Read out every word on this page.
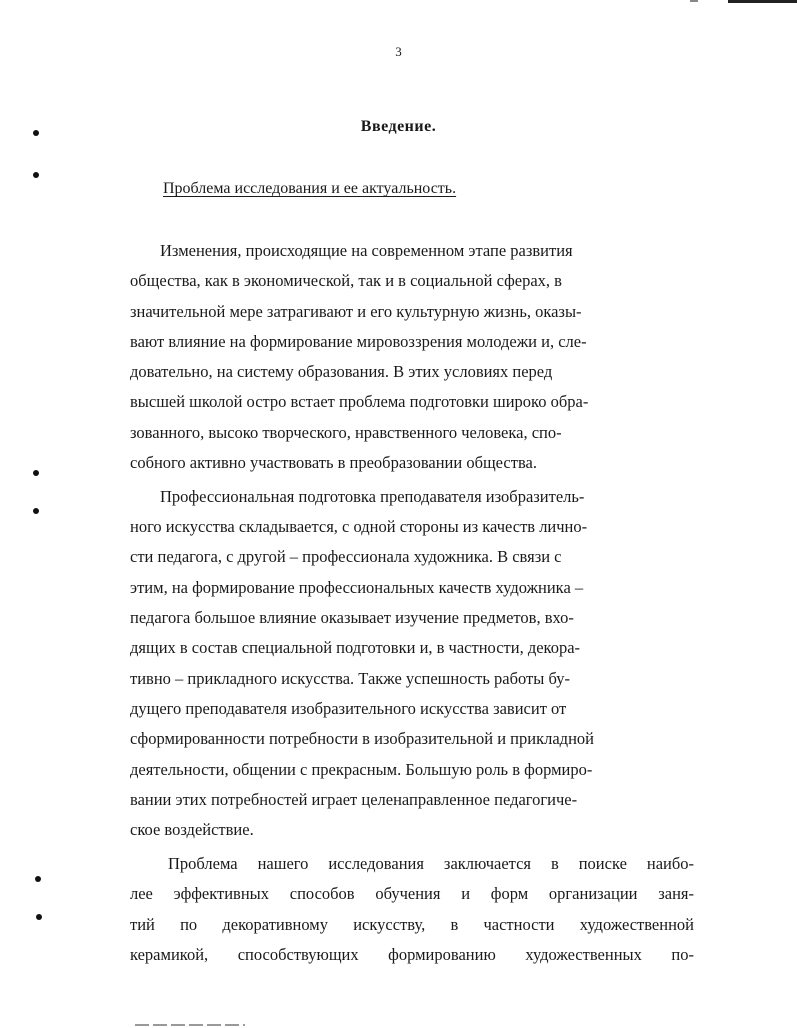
3
Введение.
Проблема исследования и ее актуальность.

Изменения, происходящие на современном этапе развития
общества, как в экономической, так и в социальной сферах, в
значительной мере затрагивают и его культурную жизнь, оказы-
вают влияние на формирование мировоззрения молодежи и, сле-
довательно, на систему образования. В этих условиях перед
высшей школой остро встает проблема подготовки широко обра-
зованного, высоко творческого, нравственного человека, спо-
собного активно участвовать в преобразовании общества.

Профессиональная подготовка преподавателя изобразитель-
ного искусства складывается, с одной стороны из качеств лично-
сти педагога, с другой – профессионала художника. В связи с
этим, на формирование профессиональных качеств художника –
педагога большое влияние оказывает изучение предметов, вхо-
дящих в состав специальной подготовки и, в частности, декора-
тивно – прикладного искусства. Также успешность работы бу-
дущего преподавателя изобразительного искусства зависит от
сформированности потребности в изобразительной и прикладной
деятельности, общении с прекрасным. Большую роль в формиро-
вании этих потребностей играет целенаправленное педагогиче-
ское воздействие.

Проблема нашего исследования заключается в поиске наибо-
лее эффективных способов обучения и форм организации заня-
тий по декоративному искусству, в частности художественной
керамикой, способствующих формированию художественных по-
